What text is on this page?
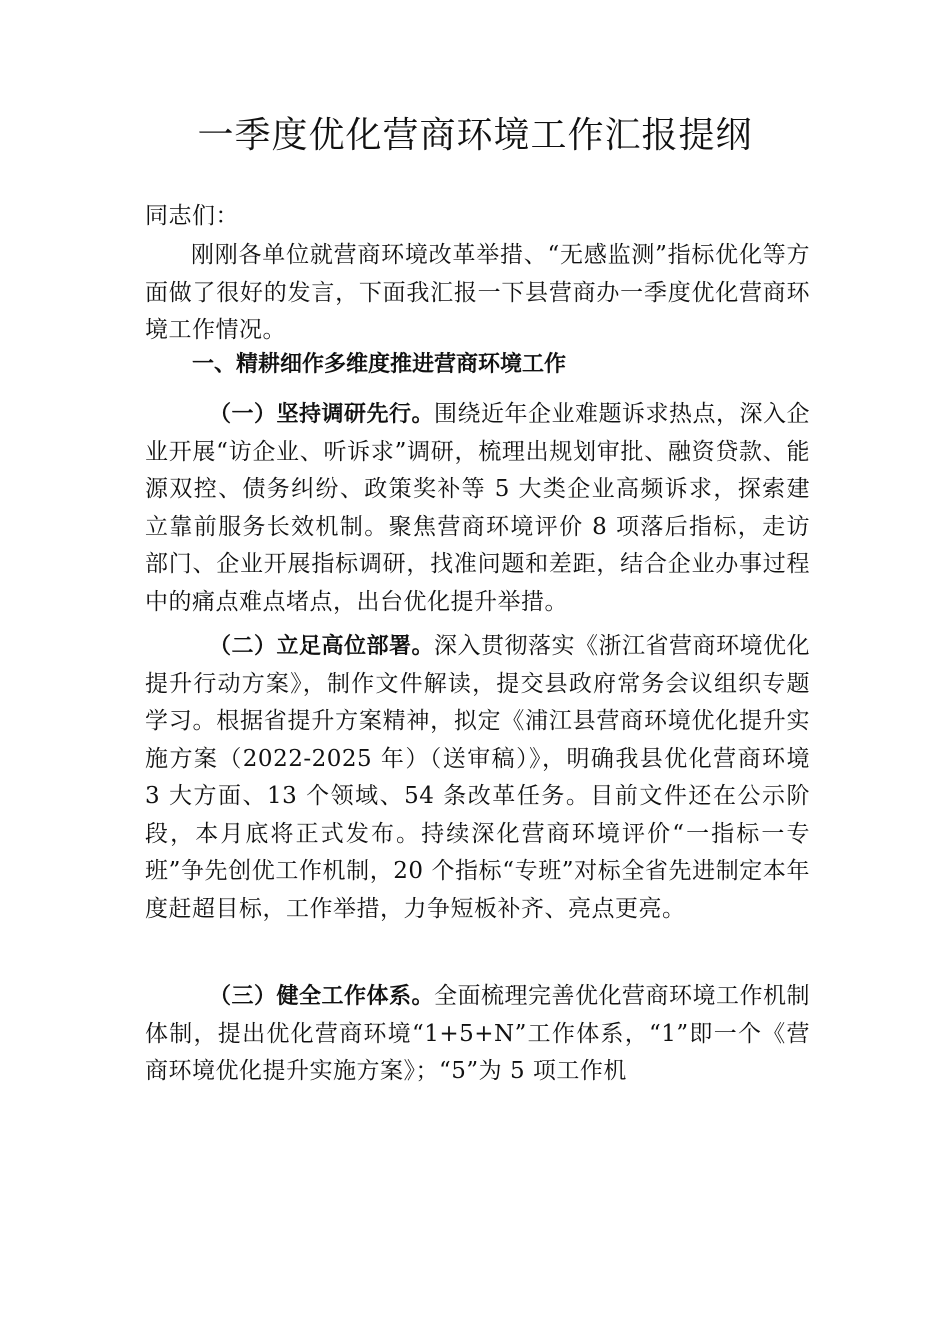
一季度优化营商环境工作汇报提纲

同志们：

刚刚各单位就营商环境改革举措、“无感监测”指标优化等方面做了很好的发言，下面我汇报一下县营商办一季度优化营商环境工作情况。

一、精耕细作多维度推进营商环境工作

（一）坚持调研先行。围绕近年企业难题诉求热点，深入企业开展“访企业、听诉求”调研，梳理出规划审批、融资贷款、能源双控、债务纠纷、政策奖补等 5 大类企业高频诉求，探索建立靠前服务长效机制。聚焦营商环境评价 8 项落后指标，走访部门、企业开展指标调研，找准问题和差距，结合企业办事过程中的痛点难点堵点，出台优化提升举措。

（二）立足高位部署。深入贯彻落实《浙江省营商环境优化提升行动方案》，制作文件解读，提交县政府常务会议组织专题学习。根据省提升方案精神，拟定《浦江县营商环境优化提升实施方案（2022-2025 年）（送审稿）》，明确我县优化营商环境 3 大方面、13 个领域、54 条改革任务。目前文件还在公示阶段，本月底将正式发布。持续深化营商环境评价“一指标一专班”争先创优工作机制，20 个指标“专班”对标全省先进制定本年度赶超目标，工作举措，力争短板补齐、亮点更亮。

（三）健全工作体系。全面梳理完善优化营商环境工作机制体制，提出优化营商环境“1+5+N”工作体系，“1”即一个《营商环境优化提升实施方案》；“5”为 5 项工作机
